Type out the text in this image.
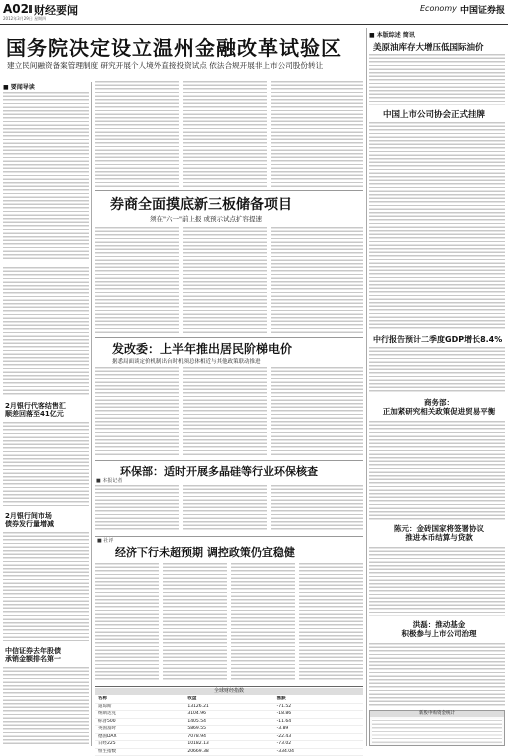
A02 财经要闻
2012年3月29日 星期四
Economy 中国证券报
国务院决定设立温州金融改革试验区
建立民间融资备案管理制度 研究开展个人境外直接投资试点 依法合规开展非上市公司股份转让
■ 要闻导读
2月银行代客结售汇
顺差回落至41亿元
2月银行间市场
债券发行量增减
中信证券去年股债
承销金额排名第一
券商全面摸底新三板储备项目
须在"六一"前上报 或预示试点扩容提速
发改委：上半年推出居民阶梯电价
据悉局面谈定价机制出台时机须总体相近与其他政策联动推进
环保部：适时开展多晶硅等行业环保核查
■ 本报记者
■ 社评
经济下行未超预期 调控政策仍宜稳健
全球财经指数
名称	收盘	涨跌
道琼斯	13126.21	-71.52
纳斯达克	3104.96	-18.86
标普500	1405.54	-11.64
英国富时	5869.55	-3.89
德国DAX	7078.94	-22.43
日经225	10182.13	-73.02
恒生指数	20669.38	-334.04
■ 本版综述 简讯
美原油库存大增压低国际油价
中国上市公司协会正式挂牌
中行报告预计二季度GDP增长8.4%
商务部：
正加紧研究相关政策促进贸易平衡
陈元：金砖国家将签署协议
推进本币结算与贷款
洪磊：推动基金
积极参与上市公司治理
新股申购资金统计
